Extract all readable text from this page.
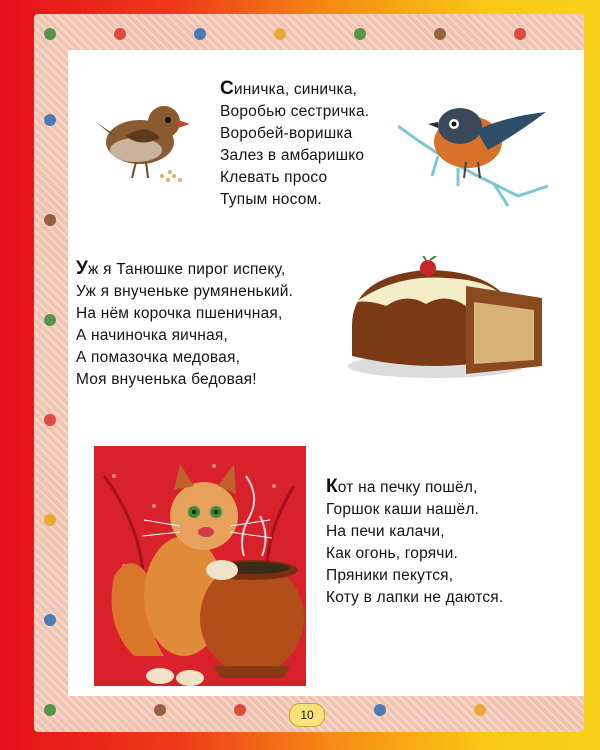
Синичка, синичка,
Воробью сестричка.
Воробей-воришка
Залез в амбаришко
Клевать просо
Тупым носом.
Уж я Танюшке пирог испеку,
Уж я внученьке румяненький.
На нём корочка пшеничная,
А начиночка яичная,
А помазочка медовая,
Моя внученька бедовая!
Кот на печку пошёл,
Горшок каши нашёл.
На печи калачи,
Как огонь, горячи.
Пряники пекутся,
Коту в лапки не даются.
10
